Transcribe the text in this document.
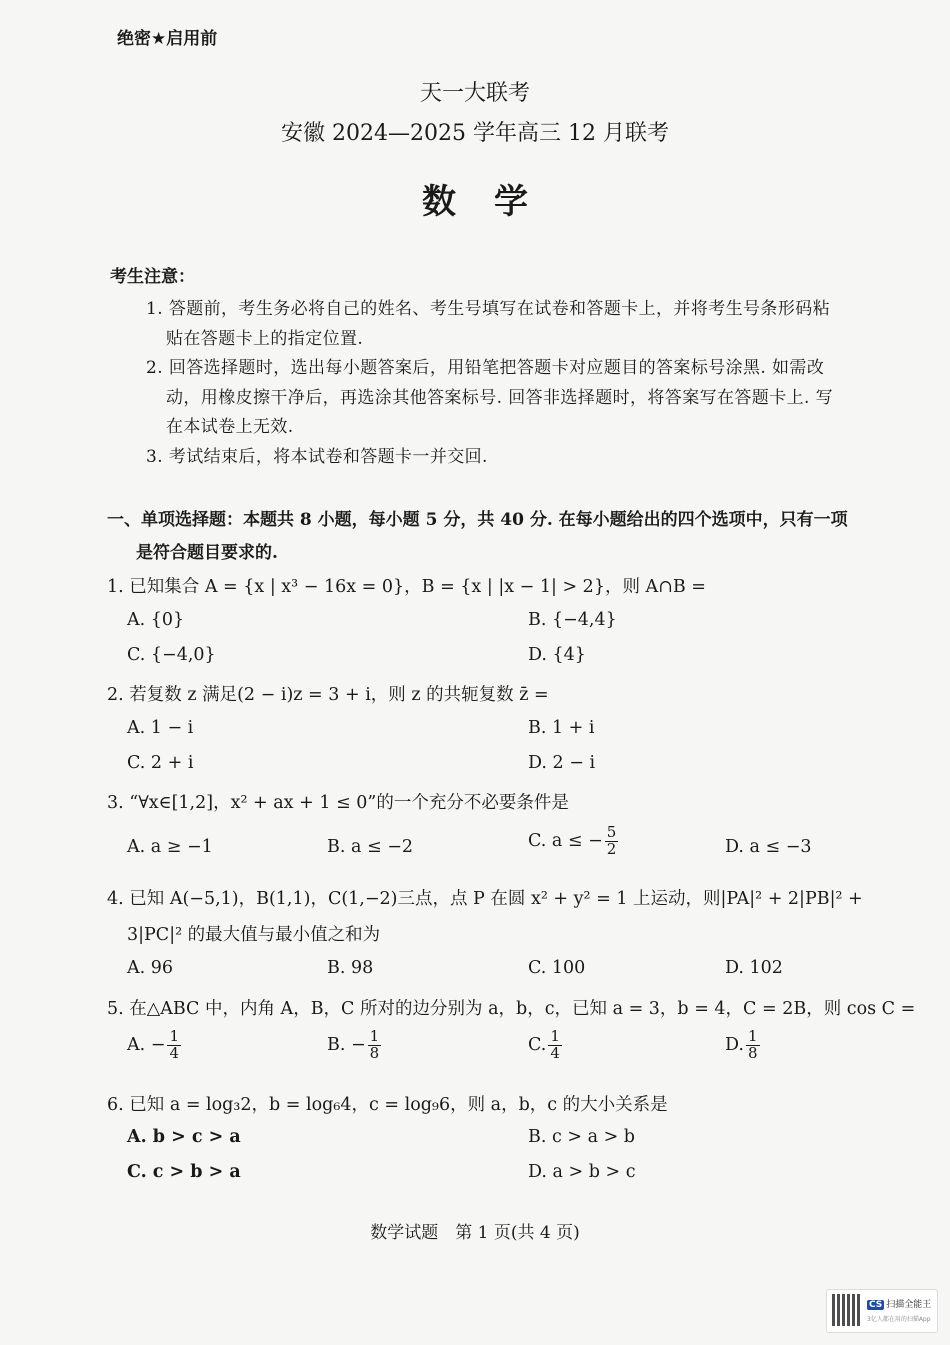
绝密★启用前
天一大联考
安徽 2024—2025 学年高三 12 月联考
数学
考生注意：
1. 答题前，考生务必将自己的姓名、考生号填写在试卷和答题卡上，并将考生号条形码粘
贴在答题卡上的指定位置.
2. 回答选择题时，选出每小题答案后，用铅笔把答题卡对应题目的答案标号涂黑. 如需改
动，用橡皮擦干净后，再选涂其他答案标号. 回答非选择题时，将答案写在答题卡上. 写
在本试卷上无效.
3. 考试结束后，将本试卷和答题卡一并交回.
一、单项选择题：本题共 8 小题，每小题 5 分，共 40 分. 在每小题给出的四个选项中，只有一项
是符合题目要求的.
1. 已知集合 A = {x | x³ − 16x = 0}，B = {x | |x − 1| > 2}，则 A∩B =
A. {0}	B. {−4,4}
C. {−4,0}	D. {4}
2. 若复数 z 满足(2 − i)z = 3 + i，则 z 的共轭复数 z̄ =
A. 1 − i	B. 1 + i
C. 2 + i	D. 2 − i
3. “∀x∈[1,2]，x² + ax + 1 ≤ 0”的一个充分不必要条件是
A. a ≥ −1	B. a ≤ −2	C. a ≤ − $\frac{5}{2}$	D. a ≤ −3
4. 已知 A(−5,1)，B(1,1)，C(1,−2)三点，点 P 在圆 x² + y² = 1 上运动，则|PA|² + 2|PB|² +
3|PC|² 的最大值与最小值之和为
A. 96	B. 98	C. 100	D. 102
5. 在△ABC 中，内角 A，B，C 所对的边分别为 a，b，c，已知 a = 3，b = 4，C = 2B，则 cos C =
A. − $\frac{1}{4}$	B. − $\frac{1}{8}$	C. $\frac{1}{4}$	D. $\frac{1}{8}$
6. 已知 a = log₃2，b = log₆4，c = log₉6，则 a，b，c 的大小关系是
A. b > c > a	B. c > a > b
C. c > b > a	D. a > b > c
数学试题　第 1 页(共 4 页)
CS 扫描全能王
3亿人都在用的扫描App
